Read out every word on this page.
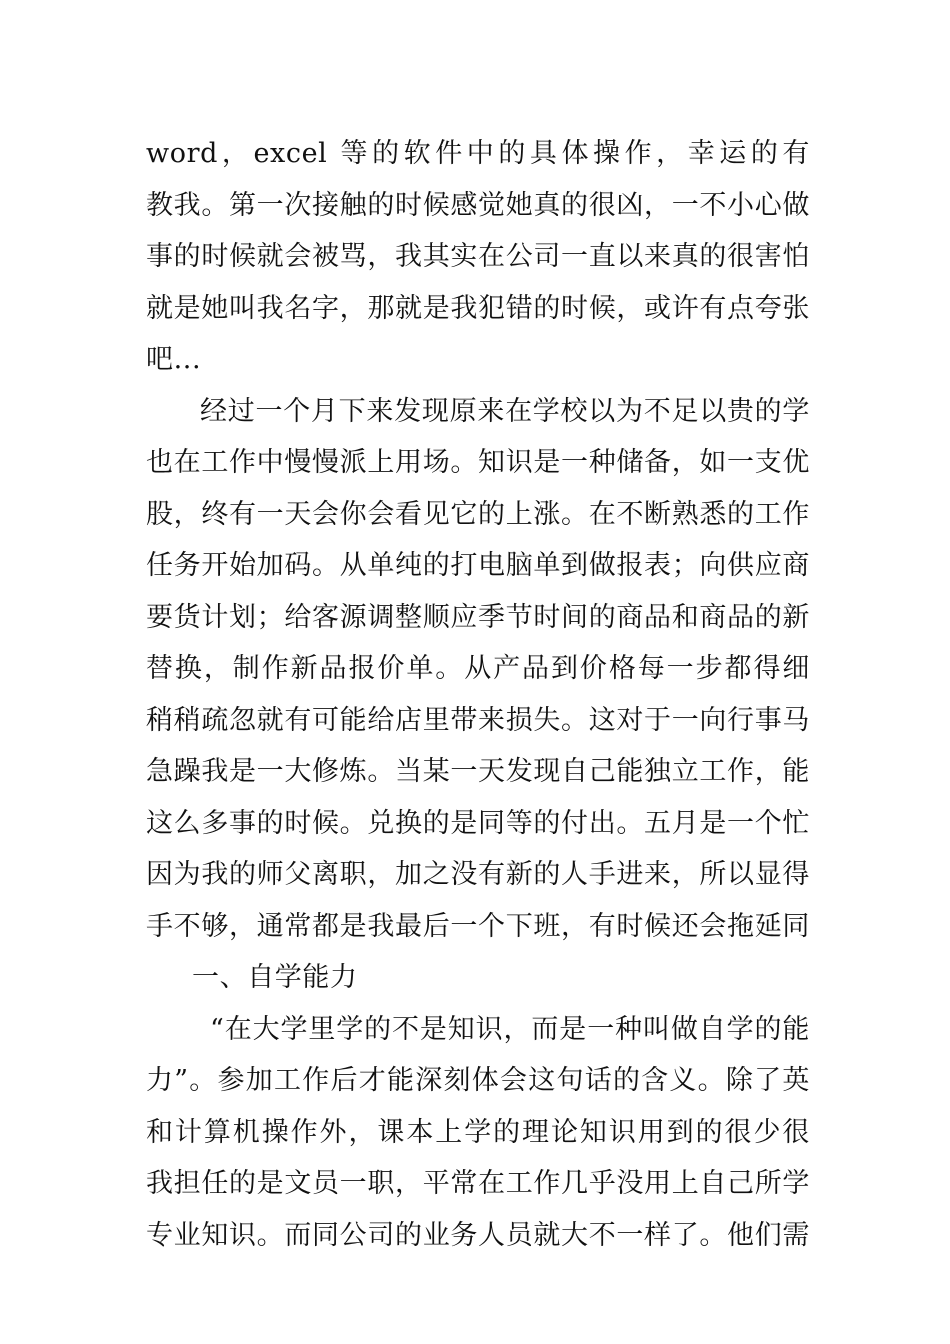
word，excel 等的软件中的具体操作，幸运的有
教我。第一次接触的时候感觉她真的很凶，一不小心做
事的时候就会被骂，我其实在公司一直以来真的很害怕
就是她叫我名字，那就是我犯错的时候，或许有点夸张
吧...
经过一个月下来发现原来在学校以为不足以贵的学
也在工作中慢慢派上用场。知识是一种储备，如一支优
股，终有一天会你会看见它的上涨。在不断熟悉的工作
任务开始加码。从单纯的打电脑单到做报表；向供应商
要货计划；给客源调整顺应季节时间的商品和商品的新
替换，制作新品报价单。从产品到价格每一步都得细
稍稍疏忽就有可能给店里带来损失。这对于一向行事马
急躁我是一大修炼。当某一天发现自己能独立工作，能
这么多事的时候。兑换的是同等的付出。五月是一个忙
因为我的师父离职，加之没有新的人手进来，所以显得
手不够，通常都是我最后一个下班，有时候还会拖延同
一、自学能力
“在大学里学的不是知识，而是一种叫做自学的能
力”。参加工作后才能深刻体会这句话的含义。除了英
和计算机操作外，课本上学的理论知识用到的很少很
我担任的是文员一职，平常在工作几乎没用上自己所学
专业知识。而同公司的业务人员就大不一样了。他们需
